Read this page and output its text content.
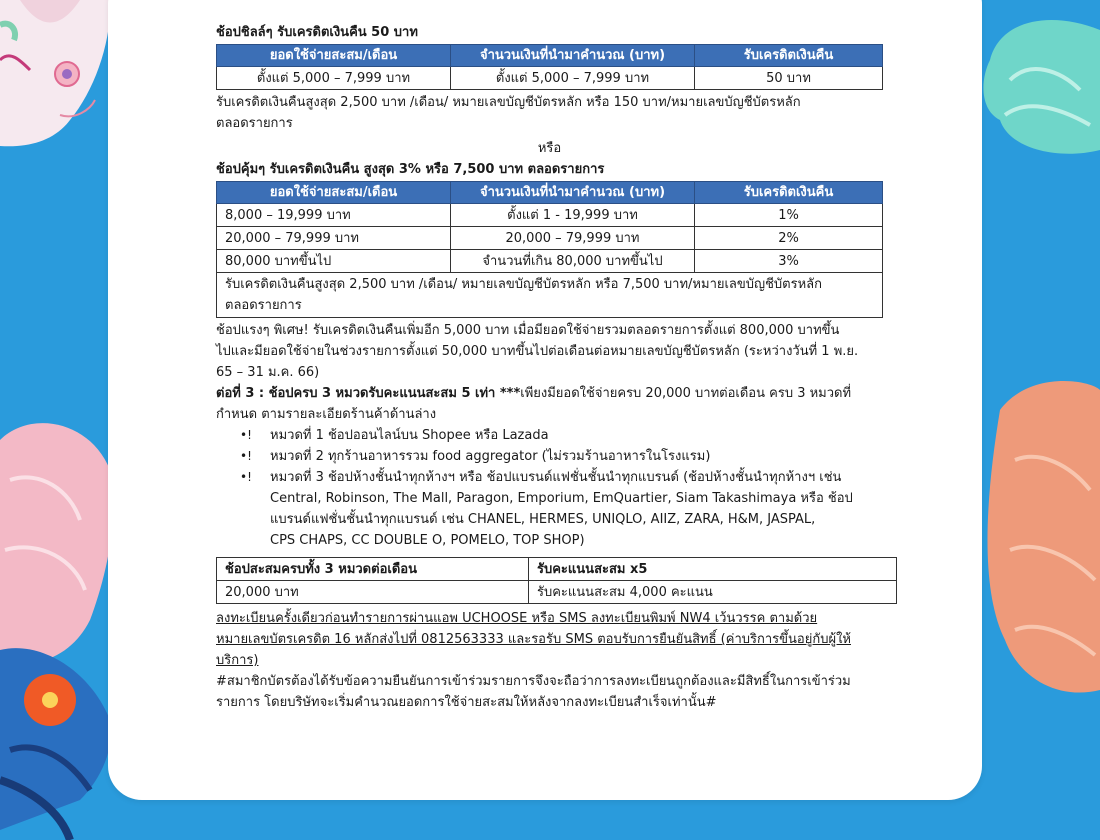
ช้อปชิลล์ๆ รับเครดิตเงินคืน 50 บาท

ยอดใช้จ่ายสะสม/เดือน	จำนวนเงินที่นำมาคำนวณ (บาท)	รับเครดิตเงินคืน
ตั้งแต่ 5,000 – 7,999 บาท	ตั้งแต่ 5,000 – 7,999 บาท	50 บาท

รับเครดิตเงินคืนสูงสุด 2,500 บาท /เดือน/ หมายเลขบัญชีบัตรหลัก หรือ 150 บาท/หมายเลขบัญชีบัตรหลัก

ตลอดรายการ

หรือ

ช้อปคุ้มๆ รับเครดิตเงินคืน สูงสุด 3% หรือ 7,500 บาท ตลอดรายการ

ยอดใช้จ่ายสะสม/เดือน	จำนวนเงินที่นำมาคำนวณ (บาท)	รับเครดิตเงินคืน
8,000 – 19,999 บาท	ตั้งแต่ 1 - 19,999 บาท	1%
20,000 – 79,999 บาท	20,000 – 79,999 บาท	2%
80,000 บาทขึ้นไป	จำนวนที่เกิน 80,000 บาทขึ้นไป	3%
รับเครดิตเงินคืนสูงสุด 2,500 บาท /เดือน/ หมายเลขบัญชีบัตรหลัก หรือ 7,500 บาท/หมายเลขบัญชีบัตรหลัก
ตลอดรายการ		

ช้อปแรงๆ พิเศษ! รับเครดิตเงินคืนเพิ่มอีก 5,000 บาท เมื่อมียอดใช้จ่ายรวมตลอดรายการตั้งแต่ 800,000 บาทขึ้น

ไปและมียอดใช้จ่ายในช่วงรายการตั้งแต่ 50,000 บาทขึ้นไปต่อเดือนต่อหมายเลขบัญชีบัตรหลัก (ระหว่างวันที่ 1 พ.ย.

65 – 31 ม.ค. 66)

ต่อที่ 3 : ช้อปครบ 3 หมวดรับคะแนนสะสม 5 เท่า ***เพียงมียอดใช้จ่ายครบ 20,000 บาทต่อเดือน ครบ 3 หมวดที่

กำหนด ตามรายละเอียดร้านค้าด้านล่าง

•! หมวดที่ 1 ช้อปออนไลน์บน Shopee หรือ Lazada
•! หมวดที่ 2 ทุกร้านอาหารรวม food aggregator (ไม่รวมร้านอาหารในโรงแรม)
•! หมวดที่ 3 ช้อปห้างชั้นนำทุกห้างฯ หรือ ช้อปแบรนด์แฟชั่นชั้นนำทุกแบรนด์ (ช้อปห้างชั้นนำทุกห้างฯ เช่น
Central, Robinson, The Mall, Paragon, Emporium, EmQuartier, Siam Takashimaya หรือ ช้อป
แบรนด์แฟชั่นชั้นนำทุกแบรนด์ เช่น CHANEL, HERMES, UNIQLO, AIIZ, ZARA, H&M, JASPAL,
CPS CHAPS, CC DOUBLE O, POMELO, TOP SHOP)
ช้อปสะสมครบทั้ง 3 หมวดต่อเดือน	รับคะแนนสะสม x5
20,000 บาท	รับคะแนนสะสม 4,000 คะแนน

ลงทะเบียนครั้งเดียวก่อนทำรายการผ่านแอพ UCHOOSE หรือ SMS ลงทะเบียนพิมพ์ NW4 เว้นวรรค ตามด้วย

หมายเลขบัตรเครดิต 16 หลักส่งไปที่ 0812563333 และรอรับ SMS ตอบรับการยืนยันสิทธิ์ (ค่าบริการขึ้นอยู่กับผู้ให้

บริการ)

#สมาชิกบัตรต้องได้รับข้อความยืนยันการเข้าร่วมรายการจึงจะถือว่าการลงทะเบียนถูกต้องและมีสิทธิ์ในการเข้าร่วม

รายการ โดยบริษัทจะเริ่มคำนวณยอดการใช้จ่ายสะสมให้หลังจากลงทะเบียนสำเร็จเท่านั้น#
